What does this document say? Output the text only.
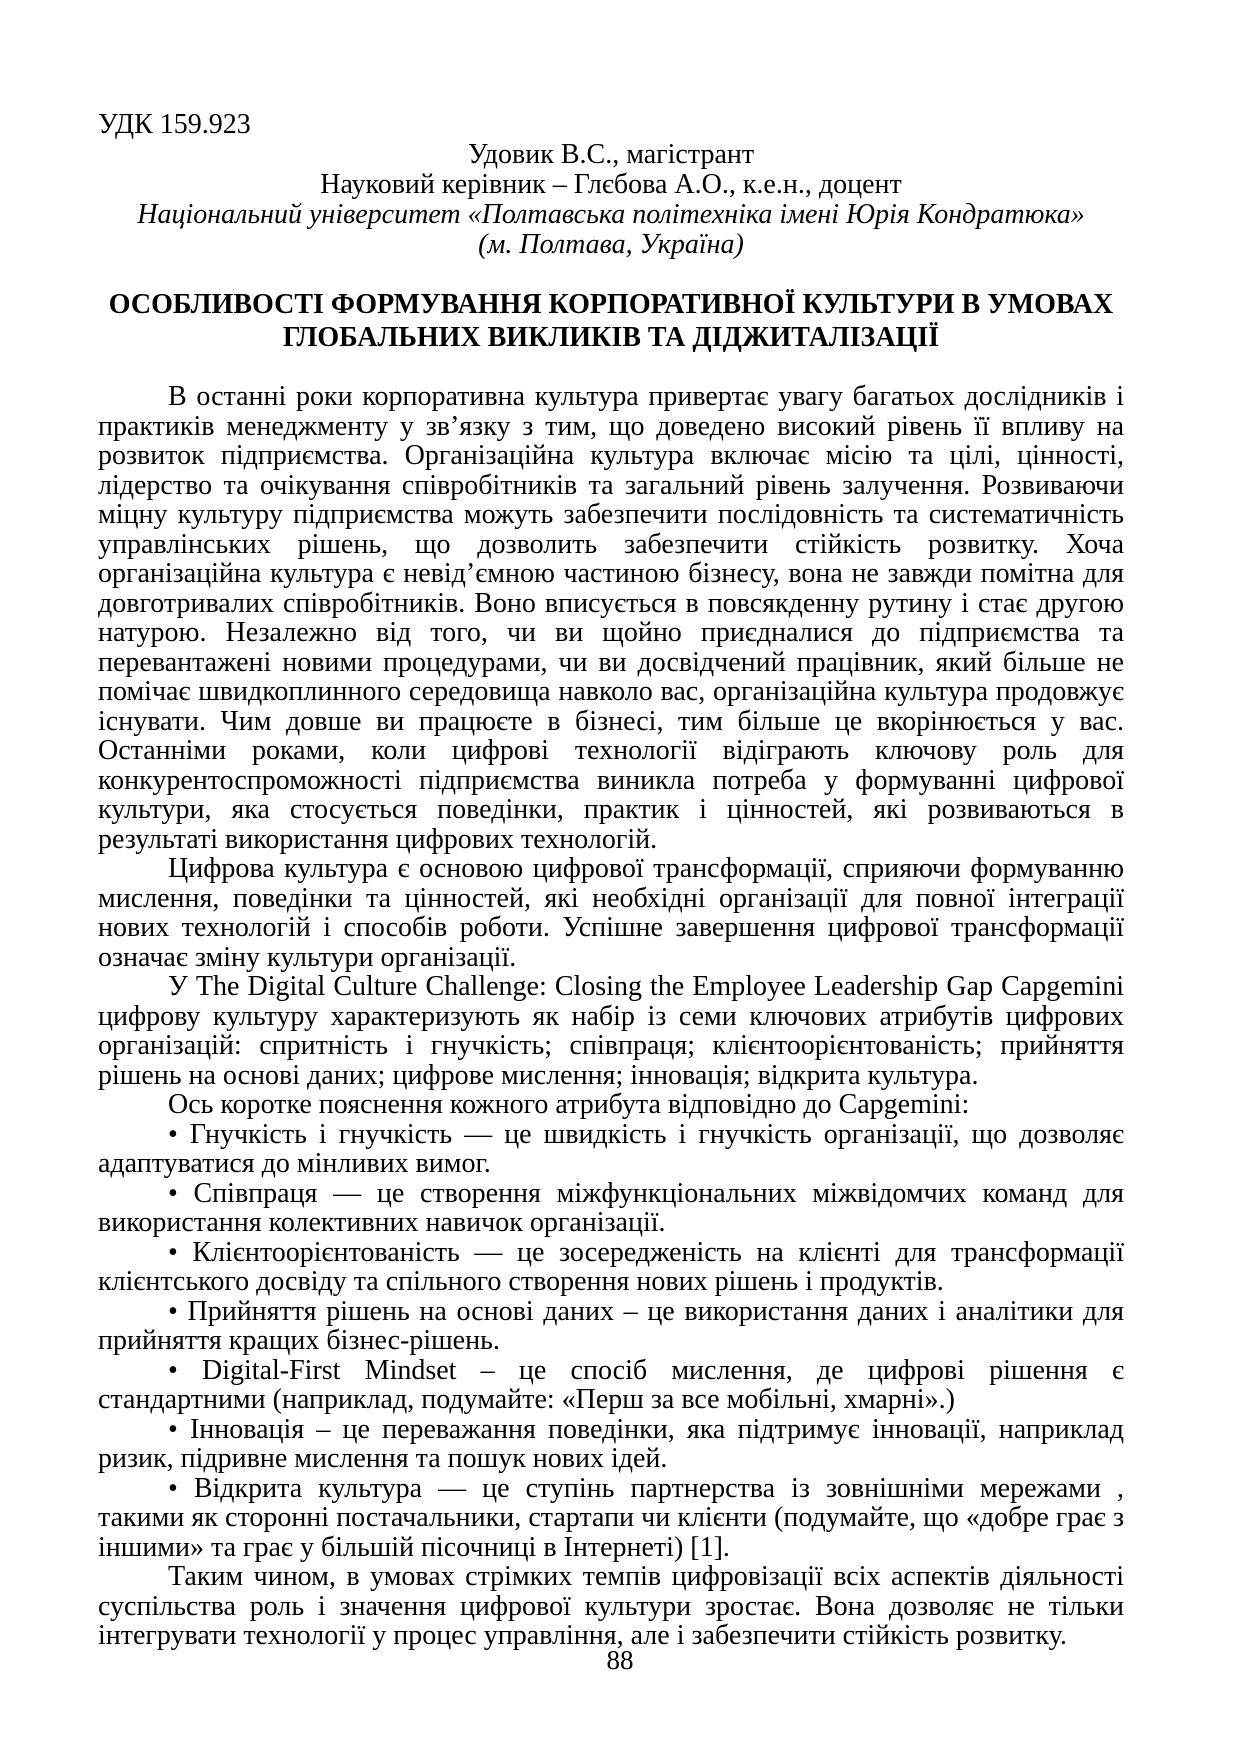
УДК 159.923
Удовик В.С., магістрант
Науковий керівник – Глєбова А.О., к.е.н., доцент
Національний університет «Полтавська політехніка імені Юрія Кондратюка»
(м. Полтава, Україна)
ОСОБЛИВОСТІ ФОРМУВАННЯ КОРПОРАТИВНОЇ КУЛЬТУРИ В УМОВАХ
ГЛОБАЛЬНИХ ВИКЛИКІВ ТА ДІДЖИТАЛІЗАЦІЇ

В останні роки корпоративна культура привертає увагу багатьох дослідників і практиків менеджменту у зв’язку з тим, що доведено високий рівень її впливу на розвиток підприємства. Організаційна культура включає місію та цілі, цінності, лідерство та очікування співробітників та загальний рівень залучення. Розвиваючи міцну культуру підприємства можуть забезпечити послідовність та систематичність управлінських рішень, що дозволить забезпечити стійкість розвитку. Хоча організаційна культура є невід’ємною частиною бізнесу, вона не завжди помітна для довготривалих співробітників. Воно вписується в повсякденну рутину і стає другою натурою. Незалежно від того, чи ви щойно приєдналися до підприємства та перевантажені новими процедурами, чи ви досвідчений працівник, який більше не помічає швидкоплинного середовища навколо вас, організаційна культура продовжує існувати. Чим довше ви працюєте в бізнесі, тим більше це вкорінюється у вас. Останніми роками, коли цифрові технології відіграють ключову роль для конкурентоспроможності підприємства виникла потреба у формуванні цифрової культури, яка стосується поведінки, практик і цінностей, які розвиваються в результаті використання цифрових технологій.

Цифрова культура є основою цифрової трансформації, сприяючи формуванню мислення, поведінки та цінностей, які необхідні організації для повної інтеграції нових технологій і способів роботи. Успішне завершення цифрової трансформації означає зміну культури організації.

У The Digital Culture Challenge: Closing the Employee Leadership Gap Capgemini цифрову культуру характеризують як набір із семи ключових атрибутів цифрових організацій: спритність і гнучкість; співпраця; клієнтоорієнтованість; прийняття рішень на основі даних; цифрове мислення; інновація; відкрита культура.

Ось коротке пояснення кожного атрибута відповідно до Capgemini:

• Гнучкість і гнучкість — це швидкість і гнучкість організації, що дозволяє адаптуватися до мінливих вимог.

• Співпраця — це створення міжфункціональних міжвідомчих команд для використання колективних навичок організації.

• Клієнтоорієнтованість — це зосередженість на клієнті для трансформації клієнтського досвіду та спільного створення нових рішень і продуктів.

• Прийняття рішень на основі даних – це використання даних і аналітики для прийняття кращих бізнес-рішень.

• Digital-First Mindset – це спосіб мислення, де цифрові рішення є стандартними (наприклад, подумайте: «Перш за все мобільні, хмарні».)

• Інновація – це переважання поведінки, яка підтримує інновації, наприклад ризик, підривне мислення та пошук нових ідей.

• Відкрита культура — це ступінь партнерства із зовнішніми мережами , такими як сторонні постачальники, стартапи чи клієнти (подумайте, що «добре грає з іншими» та грає у більшій пісочниці в Інтернеті) [1].

Таким чином, в умовах стрімких темпів цифровізації всіх аспектів діяльності суспільства роль і значення цифрової культури зростає. Вона дозволяє не тільки інтегрувати технології у процес управління, але і забезпечити стійкість розвитку.

88
